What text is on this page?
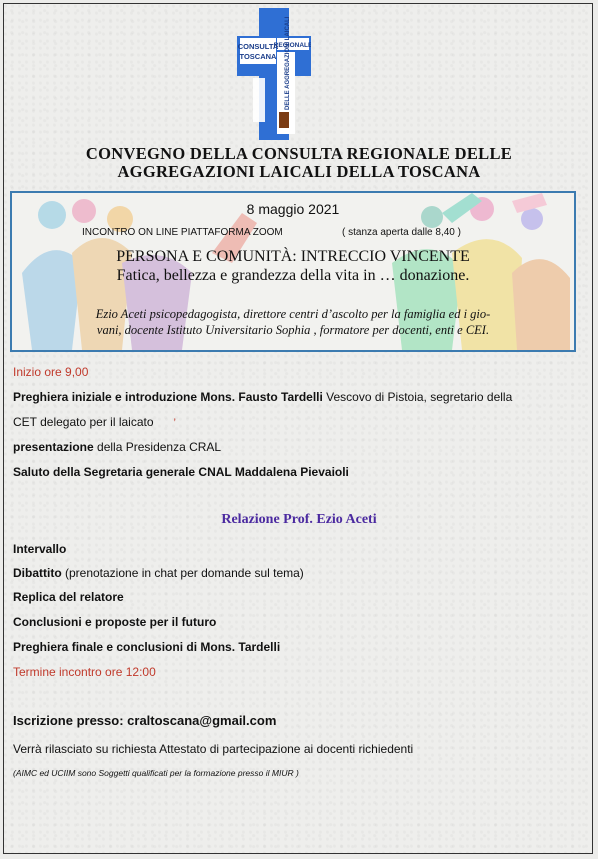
CONSULTA
TOSCANA
REGIONALE
DELLE AGGREGAZIONI LAICALI
CONVEGNO DELLA CONSULTA REGIONALE DELLE
AGGREGAZIONI LAICALI DELLA TOSCANA
8 maggio 2021
INCONTRO ON LINE PIATTAFORMA ZOOM	( stanza aperta dalle 8,40 )
PERSONA E COMUNITÀ: INTRECCIO VINCENTE
Fatica, bellezza e grandezza della vita in … donazione.
Ezio Aceti psicopedagogista, direttore centri d’ascolto per la famiglia ed i gio-
vani, docente Istituto Universitario Sophia , formatore per docenti, enti e CEI.
Inizio ore 9,00
Preghiera iniziale e introduzione Mons. Fausto Tardelli Vescovo di Pistoia, segretario della
CET delegato per il laicato ’
presentazione della Presidenza CRAL
Saluto della Segretaria generale CNAL Maddalena Pievaioli
Relazione Prof. Ezio Aceti
Intervallo
Dibattito (prenotazione in chat per domande sul tema)
Replica del relatore
Conclusioni e proposte per il futuro
Preghiera finale e conclusioni di Mons. Tardelli
Termine incontro ore 12:00
Iscrizione presso: craltoscana@gmail.com
Verrà rilasciato su richiesta Attestato di partecipazione ai docenti richiedenti
(AIMC ed UCIIM sono Soggetti qualificati per la formazione presso il MIUR )
